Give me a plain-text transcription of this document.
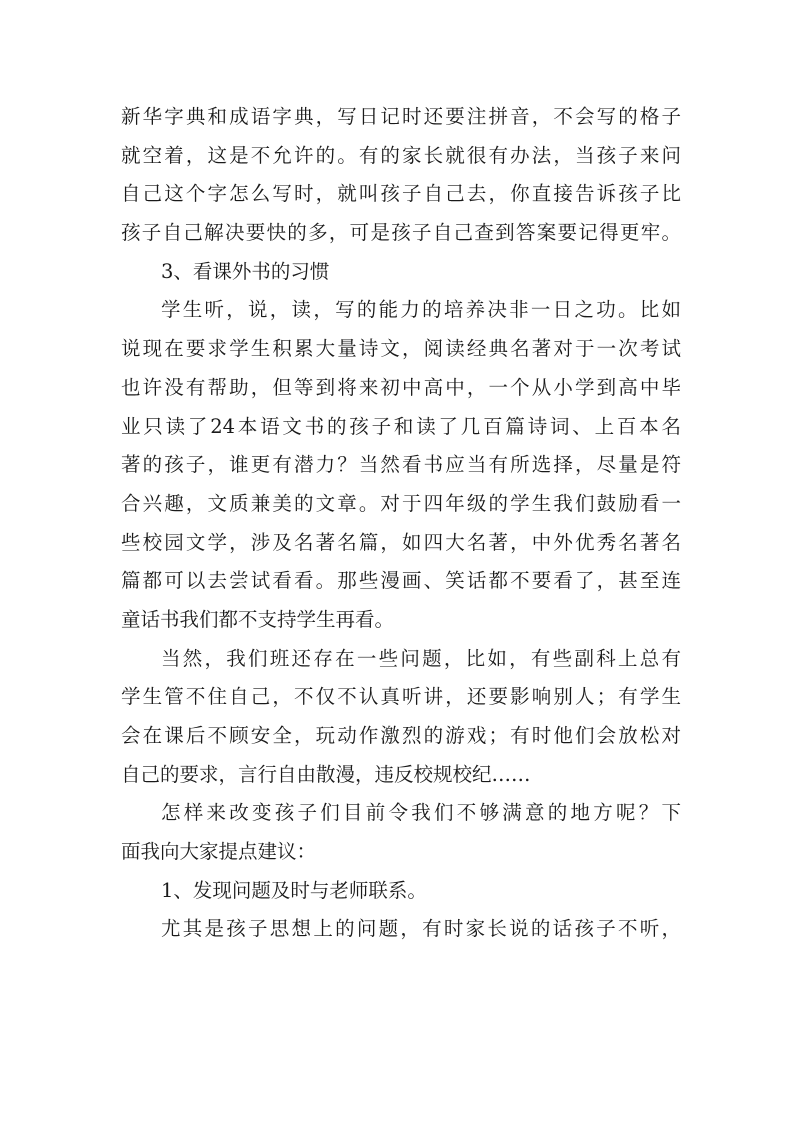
新华字典和成语字典，写日记时还要注拼音，不会写的格子
就空着，这是不允许的。有的家长就很有办法，当孩子来问
自己这个字怎么写时，就叫孩子自己去，你直接告诉孩子比
孩子自己解决要快的多，可是孩子自己查到答案要记得更牢。
3、看课外书的习惯
学生听，说，读，写的能力的培养决非一日之功。比如
说现在要求学生积累大量诗文，阅读经典名著对于一次考试
也许没有帮助，但等到将来初中高中，一个从小学到高中毕
业只读了24本语文书的孩子和读了几百篇诗词、上百本名
著的孩子，谁更有潜力？当然看书应当有所选择，尽量是符
合兴趣，文质兼美的文章。对于四年级的学生我们鼓励看一
些校园文学，涉及名著名篇，如四大名著，中外优秀名著名
篇都可以去尝试看看。那些漫画、笑话都不要看了，甚至连
童话书我们都不支持学生再看。
当然，我们班还存在一些问题，比如，有些副科上总有
学生管不住自己，不仅不认真听讲，还要影响别人；有学生
会在课后不顾安全，玩动作激烈的游戏；有时他们会放松对
自己的要求，言行自由散漫，违反校规校纪……
怎样来改变孩子们目前令我们不够满意的地方呢？下
面我向大家提点建议：
1、发现问题及时与老师联系。
尤其是孩子思想上的问题，有时家长说的话孩子不听，
